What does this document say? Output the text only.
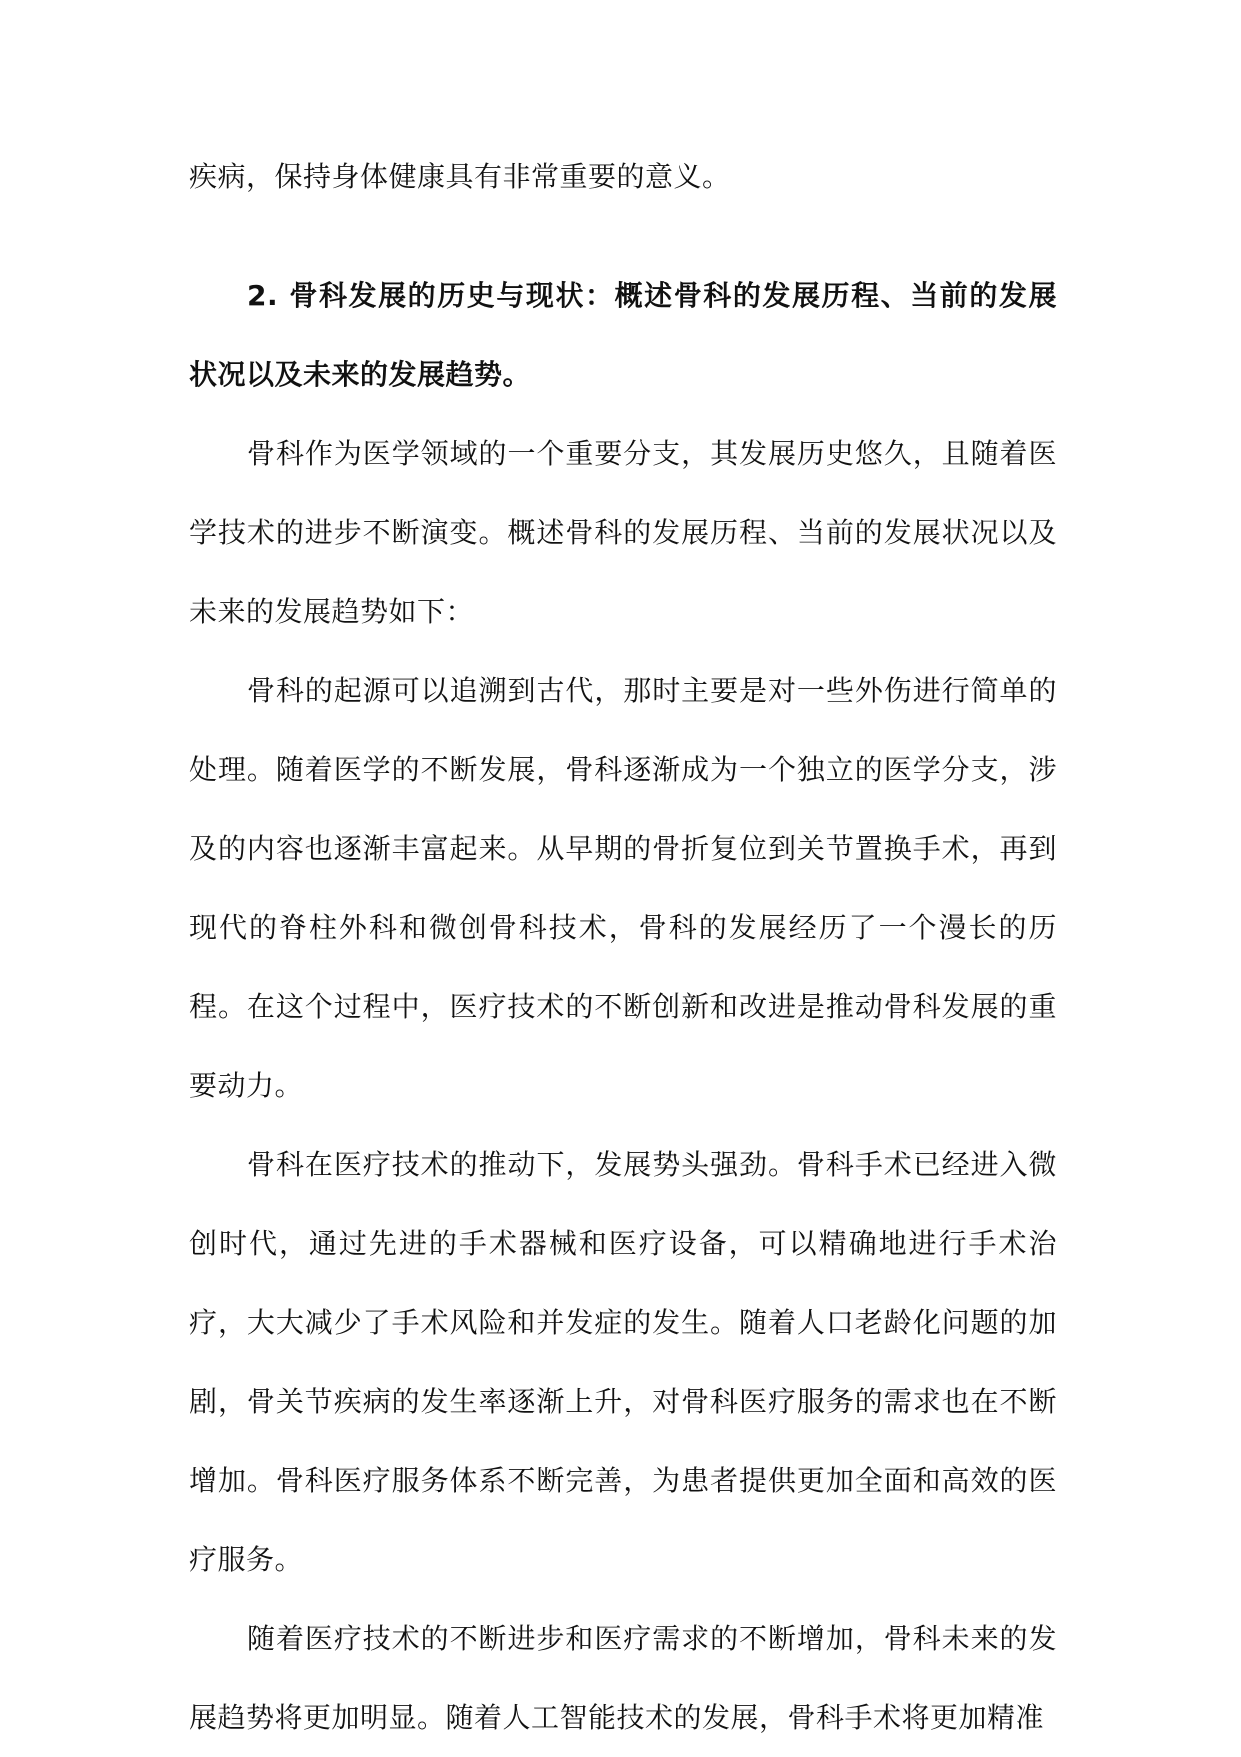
疾病，保持身体健康具有非常重要的意义。

2. 骨科发展的历史与现状：概述骨科的发展历程、当前的发展状况以及未来的发展趋势。

骨科作为医学领域的一个重要分支，其发展历史悠久，且随着医学技术的进步不断演变。概述骨科的发展历程、当前的发展状况以及未来的发展趋势如下：

骨科的起源可以追溯到古代，那时主要是对一些外伤进行简单的处理。随着医学的不断发展，骨科逐渐成为一个独立的医学分支，涉及的内容也逐渐丰富起来。从早期的骨折复位到关节置换手术，再到现代的脊柱外科和微创骨科技术，骨科的发展经历了一个漫长的历程。在这个过程中，医疗技术的不断创新和改进是推动骨科发展的重要动力。

骨科在医疗技术的推动下，发展势头强劲。骨科手术已经进入微创时代，通过先进的手术器械和医疗设备，可以精确地进行手术治疗，大大减少了手术风险和并发症的发生。随着人口老龄化问题的加剧，骨关节疾病的发生率逐渐上升，对骨科医疗服务的需求也在不断增加。骨科医疗服务体系不断完善，为患者提供更加全面和高效的医疗服务。

随着医疗技术的不断进步和医疗需求的不断增加，骨科未来的发展趋势将更加明显。随着人工智能技术的发展，骨科手术将更加精准
